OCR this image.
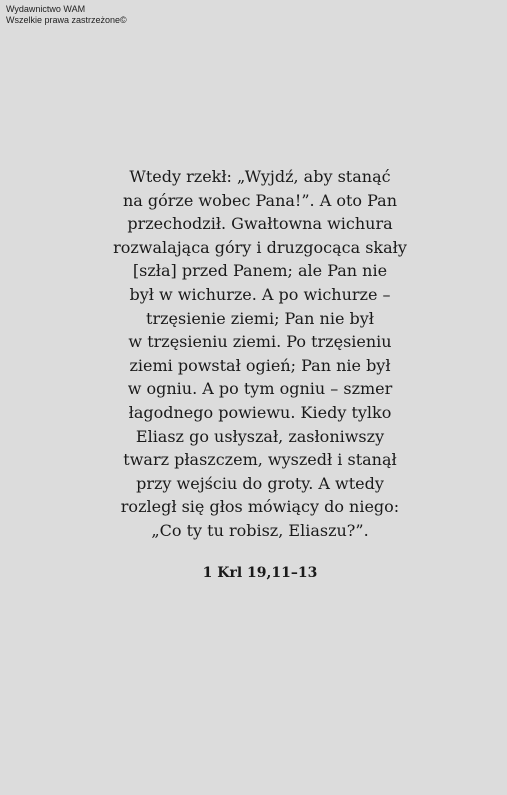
Wydawnictwo WAM
Wszelkie prawa zastrzeżone©
Wtedy rzekł: „Wyjdź, aby stanąć
na górze wobec Pana!”. A oto Pan
przechodził. Gwałtowna wichura
rozwalająca góry i druzgocąca skały
[szła] przed Panem; ale Pan nie
był w wichurze. A po wichurze –
trzęsienie ziemi; Pan nie był
w trzęsieniu ziemi. Po trzęsieniu
ziemi powstał ogień; Pan nie był
w ogniu. A po tym ogniu – szmer
łagodnego powiewu. Kiedy tylko
Eliasz go usłyszał, zasłoniwszy
twarz płaszczem, wyszedł i stanął
przy wejściu do groty. A wtedy
rozległ się głos mówiący do niego:
„Co ty tu robisz, Eliaszu?”.
1 Krl 19,11–13
